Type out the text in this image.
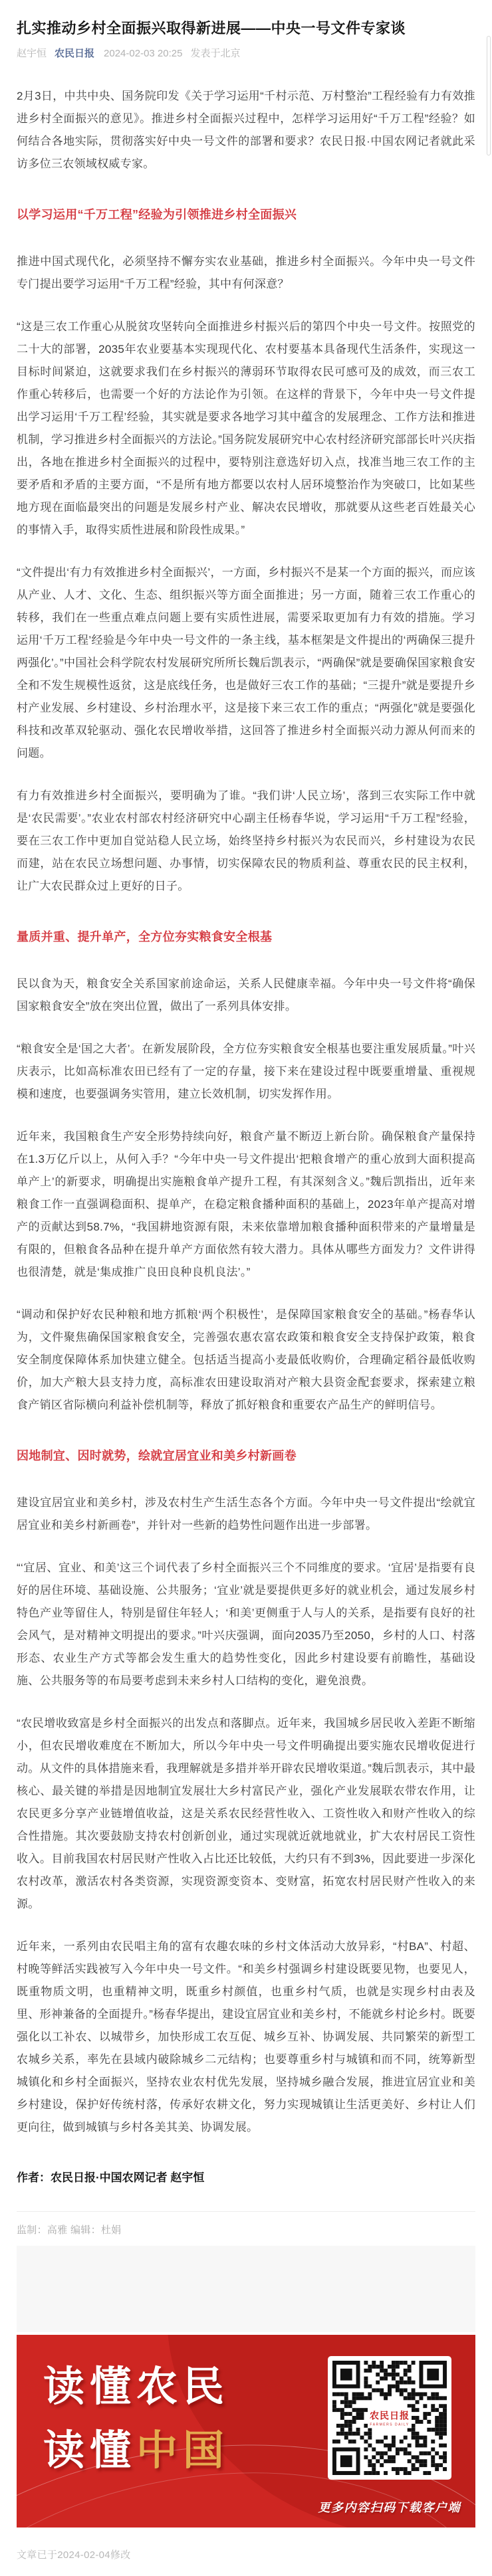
扎实推动乡村全面振兴取得新进展——中央一号文件专家谈
赵宇恒 农民日报 2024-02-03 20:25 发表于北京

2月3日，中共中央、国务院印发《关于学习运用“千村示范、万村整治”工程经验有力有效推进乡村全面振兴的意见》。推进乡村全面振兴过程中，怎样学习运用好“千万工程”经验？如何结合各地实际，贯彻落实好中央一号文件的部署和要求？农民日报·中国农网记者就此采访多位三农领域权威专家。

以学习运用“千万工程”经验为引领推进乡村全面振兴

推进中国式现代化，必须坚持不懈夯实农业基础，推进乡村全面振兴。今年中央一号文件专门提出要学习运用“千万工程”经验，其中有何深意？

“这是三农工作重心从脱贫攻坚转向全面推进乡村振兴后的第四个中央一号文件。按照党的二十大的部署，2035年农业要基本实现现代化、农村要基本具备现代生活条件，实现这一目标时间紧迫，这就要求我们在乡村振兴的薄弱环节取得农民可感可及的成效，而三农工作重心转移后，也需要一个好的方法论作为引领。在这样的背景下，今年中央一号文件提出学习运用‘千万工程’经验，其实就是要求各地学习其中蕴含的发展理念、工作方法和推进机制，学习推进乡村全面振兴的方法论。”国务院发展研究中心农村经济研究部部长叶兴庆指出，各地在推进乡村全面振兴的过程中，要特别注意选好切入点，找准当地三农工作的主要矛盾和矛盾的主要方面，“不是所有地方都要以农村人居环境整治作为突破口，比如某些地方现在面临最突出的问题是发展乡村产业、解决农民增收，那就要从这些老百姓最关心的事情入手，取得实质性进展和阶段性成果。”

“文件提出‘有力有效推进乡村全面振兴’，一方面，乡村振兴不是某一个方面的振兴，而应该从产业、人才、文化、生态、组织振兴等方面全面推进；另一方面，随着三农工作重心的转移，我们在一些重点难点问题上要有实质性进展，需要采取更加有力有效的措施。学习运用‘千万工程’经验是今年中央一号文件的一条主线，基本框架是文件提出的‘两确保三提升两强化’。”中国社会科学院农村发展研究所所长魏后凯表示，“两确保”就是要确保国家粮食安全和不发生规模性返贫，这是底线任务，也是做好三农工作的基础；“三提升”就是要提升乡村产业发展、乡村建设、乡村治理水平，这是接下来三农工作的重点；“两强化”就是要强化科技和改革双轮驱动、强化农民增收举措，这回答了推进乡村全面振兴动力源从何而来的问题。

有力有效推进乡村全面振兴，要明确为了谁。“我们讲‘人民立场’，落到三农实际工作中就是‘农民需要’。”农业农村部农村经济研究中心副主任杨春华说，学习运用“千万工程”经验，要在三农工作中更加自觉站稳人民立场，始终坚持乡村振兴为农民而兴，乡村建设为农民而建，站在农民立场想问题、办事情，切实保障农民的物质利益、尊重农民的民主权利，让广大农民群众过上更好的日子。

量质并重、提升单产，全方位夯实粮食安全根基

民以食为天，粮食安全关系国家前途命运，关系人民健康幸福。今年中央一号文件将“确保国家粮食安全”放在突出位置，做出了一系列具体安排。

“粮食安全是‘国之大者’。在新发展阶段，全方位夯实粮食安全根基也要注重发展质量。”叶兴庆表示，比如高标准农田已经有了一定的存量，接下来在建设过程中既要重增量、重视规模和速度，也要强调务实管用，建立长效机制，切实发挥作用。

近年来，我国粮食生产安全形势持续向好，粮食产量不断迈上新台阶。确保粮食产量保持在1.3万亿斤以上，从何入手？“今年中央一号文件提出‘把粮食增产的重心放到大面积提高单产上’的新要求，明确提出实施粮食单产提升工程，有其深刻含义。”魏后凯指出，近年来粮食工作一直强调稳面积、提单产，在稳定粮食播种面积的基础上，2023年单产提高对增产的贡献达到58.7%，“我国耕地资源有限，未来依靠增加粮食播种面积带来的产量增量是有限的，但粮食各品种在提升单产方面依然有较大潜力。具体从哪些方面发力？文件讲得也很清楚，就是‘集成推广良田良种良机良法’。”

“调动和保护好农民种粮和地方抓粮‘两个积极性’，是保障国家粮食安全的基础。”杨春华认为，文件聚焦确保国家粮食安全，完善强农惠农富农政策和粮食安全支持保护政策，粮食安全制度保障体系加快建立健全。包括适当提高小麦最低收购价，合理确定稻谷最低收购价，加大产粮大县支持力度，高标准农田建设取消对产粮大县资金配套要求，探索建立粮食产销区省际横向利益补偿机制等，释放了抓好粮食和重要农产品生产的鲜明信号。

因地制宜、因时就势，绘就宜居宜业和美乡村新画卷

建设宜居宜业和美乡村，涉及农村生产生活生态各个方面。今年中央一号文件提出“绘就宜居宜业和美乡村新画卷”，并针对一些新的趋势性问题作出进一步部署。

“‘宜居、宜业、和美’这三个词代表了乡村全面振兴三个不同维度的要求。‘宜居’是指要有良好的居住环境、基础设施、公共服务；‘宜业’就是要提供更多好的就业机会，通过发展乡村特色产业等留住人，特别是留住年轻人；‘和美’更侧重于人与人的关系，是指要有良好的社会风气，是对精神文明提出的要求。”叶兴庆强调，面向2035乃至2050，乡村的人口、村落形态、农业生产方式等都会发生重大的趋势性变化，因此乡村建设要有前瞻性，基础设施、公共服务等的布局要考虑到未来乡村人口结构的变化，避免浪费。

“农民增收致富是乡村全面振兴的出发点和落脚点。近年来，我国城乡居民收入差距不断缩小，但农民增收难度在不断加大，所以今年中央一号文件明确提出要实施农民增收促进行动。从文件的具体措施来看，我理解就是多措并举开辟农民增收渠道。”魏后凯表示，其中最核心、最关键的举措是因地制宜发展壮大乡村富民产业，强化产业发展联农带农作用，让农民更多分享产业链增值收益，这是关系农民经营性收入、工资性收入和财产性收入的综合性措施。其次要鼓励支持农村创新创业，通过实现就近就地就业，扩大农村居民工资性收入。目前我国农村居民财产性收入占比还比较低，大约只有不到3%，因此要进一步深化农村改革，激活农村各类资源，实现资源变资本、变财富，拓宽农村居民财产性收入的来源。

近年来，一系列由农民唱主角的富有农趣农味的乡村文体活动大放异彩，“村BA”、村超、村晚等鲜活实践被写入今年中央一号文件。“和美乡村强调乡村建设既要见物，也要见人，既重物质文明，也重精神文明，既重乡村颜值，也重乡村气质，也就是实现乡村由表及里、形神兼备的全面提升。”杨春华提出，建设宜居宜业和美乡村，不能就乡村论乡村。既要强化以工补农、以城带乡，加快形成工农互促、城乡互补、协调发展、共同繁荣的新型工农城乡关系，率先在县域内破除城乡二元结构；也要尊重乡村与城镇和而不同，统筹新型城镇化和乡村全面振兴，坚持农业农村优先发展，坚持城乡融合发展，推进宜居宜业和美乡村建设，保护好传统村落，传承好农耕文化，努力实现城镇让生活更美好、乡村让人们更向往，做到城镇与乡村各美其美、协调发展。

作者：农民日报·中国农网记者 赵宇恒

监制：高雅 编辑：杜娟
读懂农民
读懂中国
农民日报
FARMERS DAILY
更多内容扫码下载客户端

文章已于2024-02-04修改
